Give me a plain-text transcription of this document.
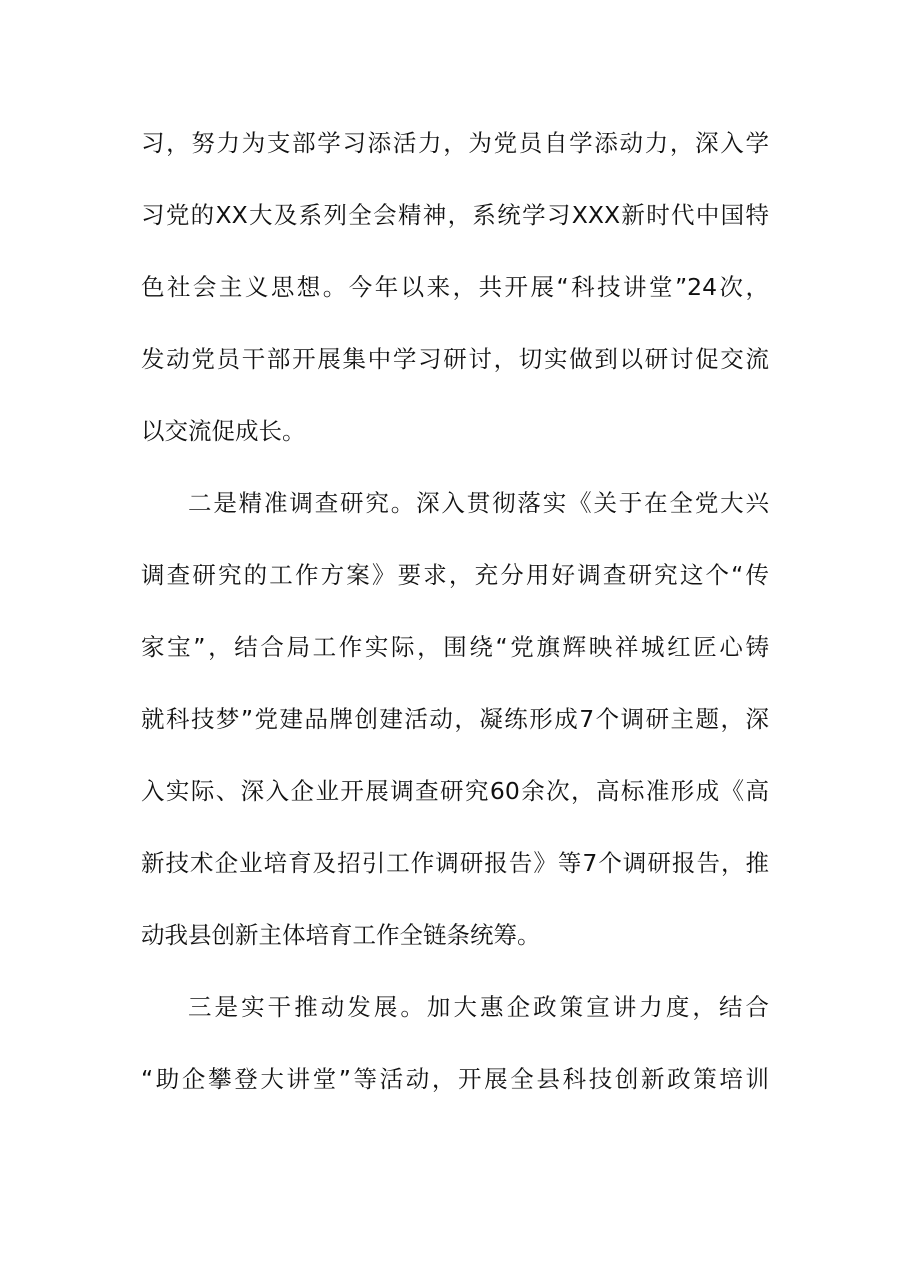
习，努力为支部学习添活力，为党员自学添动力，深入学
习党的XX大及系列全会精神，系统学习XXX新时代中国特
色社会主义思想。今年以来，共开展“科技讲堂”24次，
发动党员干部开展集中学习研讨，切实做到以研讨促交流
以交流促成长。
二是精准调查研究。深入贯彻落实《关于在全党大兴
调查研究的工作方案》要求，充分用好调查研究这个“传
家宝”，结合局工作实际，围绕“党旗辉映祥城红匠心铸
就科技梦”党建品牌创建活动，凝练形成7个调研主题，深
入实际、深入企业开展调查研究60余次，高标准形成《高
新技术企业培育及招引工作调研报告》等7个调研报告，推
动我县创新主体培育工作全链条统筹。
三是实干推动发展。加大惠企政策宣讲力度，结合
“助企攀登大讲堂”等活动，开展全县科技创新政策培训
